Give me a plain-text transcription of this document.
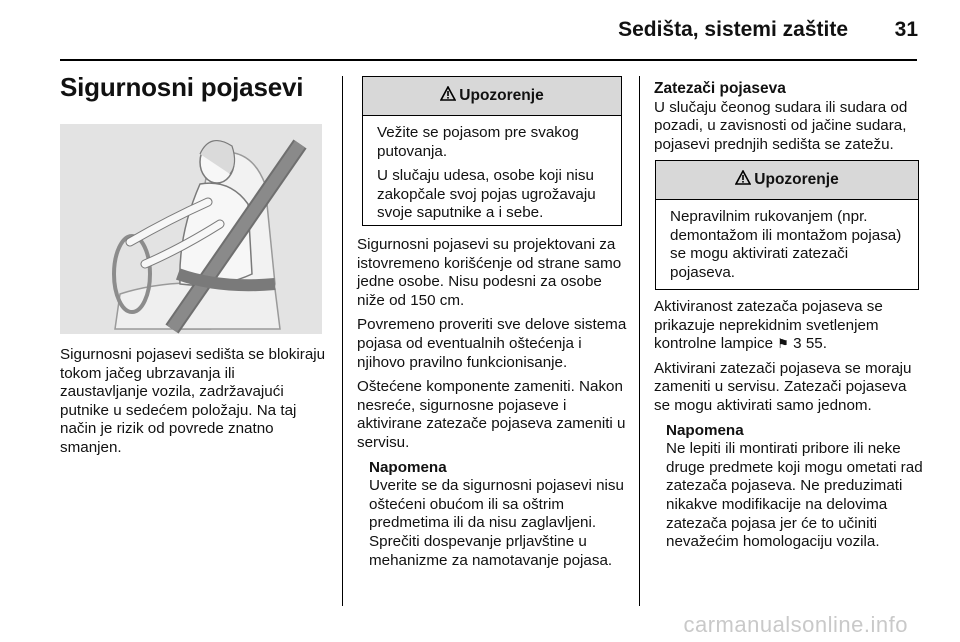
Sedišta, sistemi zaštite 31
Sigurnosni pojasevi

Sigurnosni pojasevi sedišta se blokiraju tokom jačeg ubrzavanja ili zaustavljanje vozila, zadržavajući putnike u sedećem položaju. Na taj način je rizik od povrede znatno smanjen.

Upozorenje

Vežite se pojasom pre svakog putovanja.

U slučaju udesa, osobe koji nisu zakopčale svoj pojas ugrožavaju svoje saputnike a i sebe.

Sigurnosni pojasevi su projektovani za istovremeno korišćenje od strane samo jedne osobe. Nisu podesni za osobe niže od 150 cm.

Povremeno proveriti sve delove sistema pojasa od eventualnih oštećenja i njihovo pravilno funkcionisanje.

Oštećene komponente zameniti. Nakon nesreće, sigurnosne pojaseve i aktivirane zatezače pojaseva zameniti u servisu.

Napomena
Uverite se da sigurnosni pojasevi nisu oštećeni obućom ili sa oštrim predmetima ili da nisu zaglavljeni. Sprečiti dospevanje prljavštine u mehanizme za namotavanje pojasa.
Zatezači pojaseva

U slučaju čeonog sudara ili sudara od pozadi, u zavisnosti od jačine sudara, pojasevi prednjih sedišta se zatežu.

Upozorenje

Nepravilnim rukovanjem (npr. demontažom ili montažom pojasa) se mogu aktivirati zatezači pojaseva.

Aktiviranost zatezača pojaseva se prikazuje neprekidnim svetlenjem kontrolne lampice ⚑ 3 55.

Aktivirani zatezači pojaseva se moraju zameniti u servisu. Zatezači pojaseva se mogu aktivirati samo jednom.

Napomena
Ne lepiti ili montirati pribore ili neke druge predmete koji mogu ometati rad zatezača pojaseva. Ne preduzimati nikakve modifikacije na delovima zatezača pojasa jer će to učiniti nevažećim homologaciju vozila.
carmanualsonline.info
